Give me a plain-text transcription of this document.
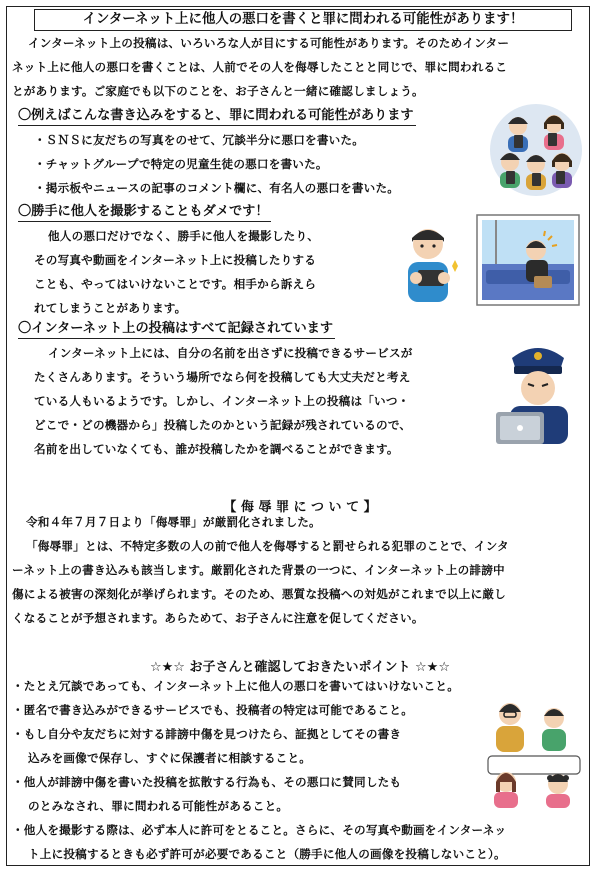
インターネット上に他人の悪口を書くと罪に問われる可能性があります！
インターネット上の投稿は、いろいろな人が目にする可能性があります。そのためインター
ネット上に他人の悪口を書くことは、人前でその人を侮辱したことと同じで、罪に問われるこ
とがあります。ご家庭でも以下のことを、お子さんと一緒に確認しましょう。
〇例えばこんな書き込みをすると、罪に問われる可能性があります
・ＳＮＳに友だちの写真をのせて、冗談半分に悪口を書いた。
・チャットグループで特定の児童生徒の悪口を書いた。
・掲示板やニュースの記事のコメント欄に、有名人の悪口を書いた。
〇勝手に他人を撮影することもダメです！
他人の悪口だけでなく、勝手に他人を撮影したり、
その写真や動画をインターネット上に投稿したりする
ことも、やってはいけないことです。相手から訴えら
れてしまうことがあります。
〇インターネット上の投稿はすべて記録されています
インターネット上には、自分の名前を出さずに投稿できるサービスが
たくさんあります。そういう場所でなら何を投稿しても大丈夫だと考え
ている人もいるようです。しかし、インターネット上の投稿は「いつ・
どこで・どの機器から」投稿したのかという記録が残されているので、
名前を出していなくても、誰が投稿したかを調べることができます。
【 侮 辱 罪 に つ い て 】
令和４年７月７日より「侮辱罪」が厳罰化されました。
「侮辱罪」とは、不特定多数の人の前で他人を侮辱すると罰せられる犯罪のことで、インタ
ーネット上の書き込みも該当します。厳罰化された背景の一つに、インターネット上の誹謗中
傷による被害の深刻化が挙げられます。そのため、悪質な投稿への対処がこれまで以上に厳し
くなることが予想されます。あらためて、お子さんに注意を促してください。
☆★☆ お子さんと確認しておきたいポイント ☆★☆
・たとえ冗談であっても、インターネット上に他人の悪口を書いてはいけないこと。
・匿名で書き込みができるサービスでも、投稿者の特定は可能であること。
・もし自分や友だちに対する誹謗中傷を見つけたら、証拠としてその書き
込みを画像で保存し、すぐに保護者に相談すること。
・他人が誹謗中傷を書いた投稿を拡散する行為も、その悪口に賛同したも
のとみなされ、罪に問われる可能性があること。
・他人を撮影する際は、必ず本人に許可をとること。さらに、その写真や動画をインターネッ
ト上に投稿するときも必ず許可が必要であること（勝手に他人の画像を投稿しないこと）。
